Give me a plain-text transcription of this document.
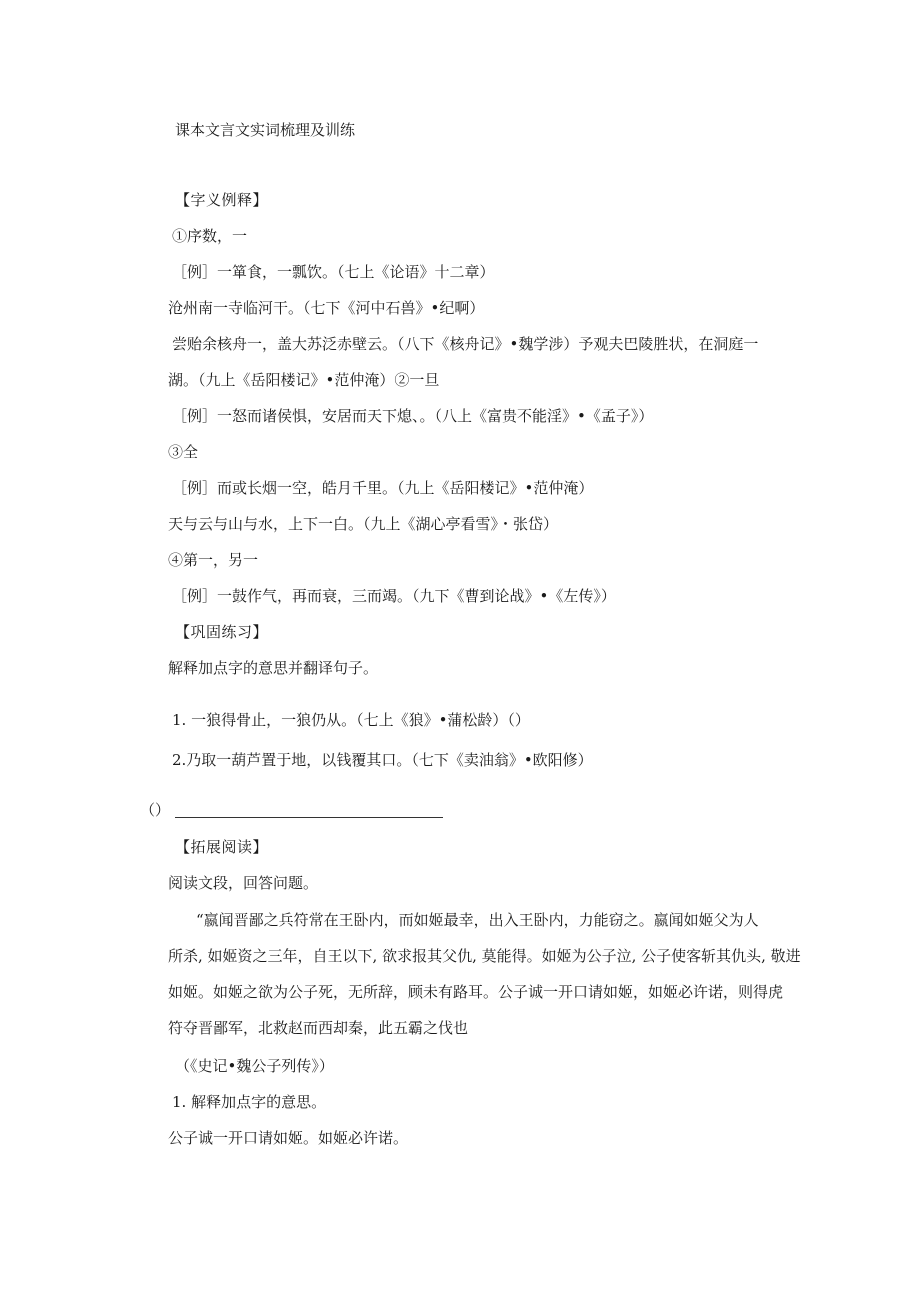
课本文言文实词梳理及训练
【字义例释】
①序数，一
［例］一箪食，一瓢饮。（七上《论语》十二章）
沧州南一寺临河干。（七下《河中石兽》•纪啊）
尝贻余核舟一，盖大苏泛赤壁云。（八下《核舟记》•魏学涉）予观夫巴陵胜状，在洞庭一
湖。（九上《岳阳楼记》•范仲淹）②一旦
［例］一怒而诸侯惧，安居而天下熄、。（八上《富贵不能淫》•《孟子》）
③全
［例］而或长烟一空，皓月千里。（九上《岳阳楼记》•范仲淹）
天与云与山与水，上下一白。（九上《湖心亭看雪》・张岱）
④第一，另一
［例］一鼓作气，再而衰，三而竭。（九下《曹到论战》•《左传》）
【巩固练习】
解释加点字的意思并翻译句子。
1. 一狼得骨止，一狼仍从。（七上《狼》•蒲松龄）（）
2.乃取一葫芦置于地，以钱覆其口。（七下《卖油翁》•欧阳修）
（）
【拓展阅读】
阅读文段，回答问题。
“嬴闻晋鄙之兵符常在王卧内，而如姬最幸，出入王卧内，力能窃之。嬴闻如姬父为人
所杀, 如姬资之三年，自王以下, 欲求报其父仇, 莫能得。如姬为公子泣, 公子使客斩其仇头, 敬进
如姬。如姬之欲为公子死，无所辞，顾未有路耳。公子诚一开口请如姬，如姬必许诺，则得虎
符夺晋鄙军，北救赵而西却秦，此五霸之伐也
（《史记•魏公子列传》）
1. 解释加点字的意思。
公子诚一开口请如姬。如姬必许诺。
